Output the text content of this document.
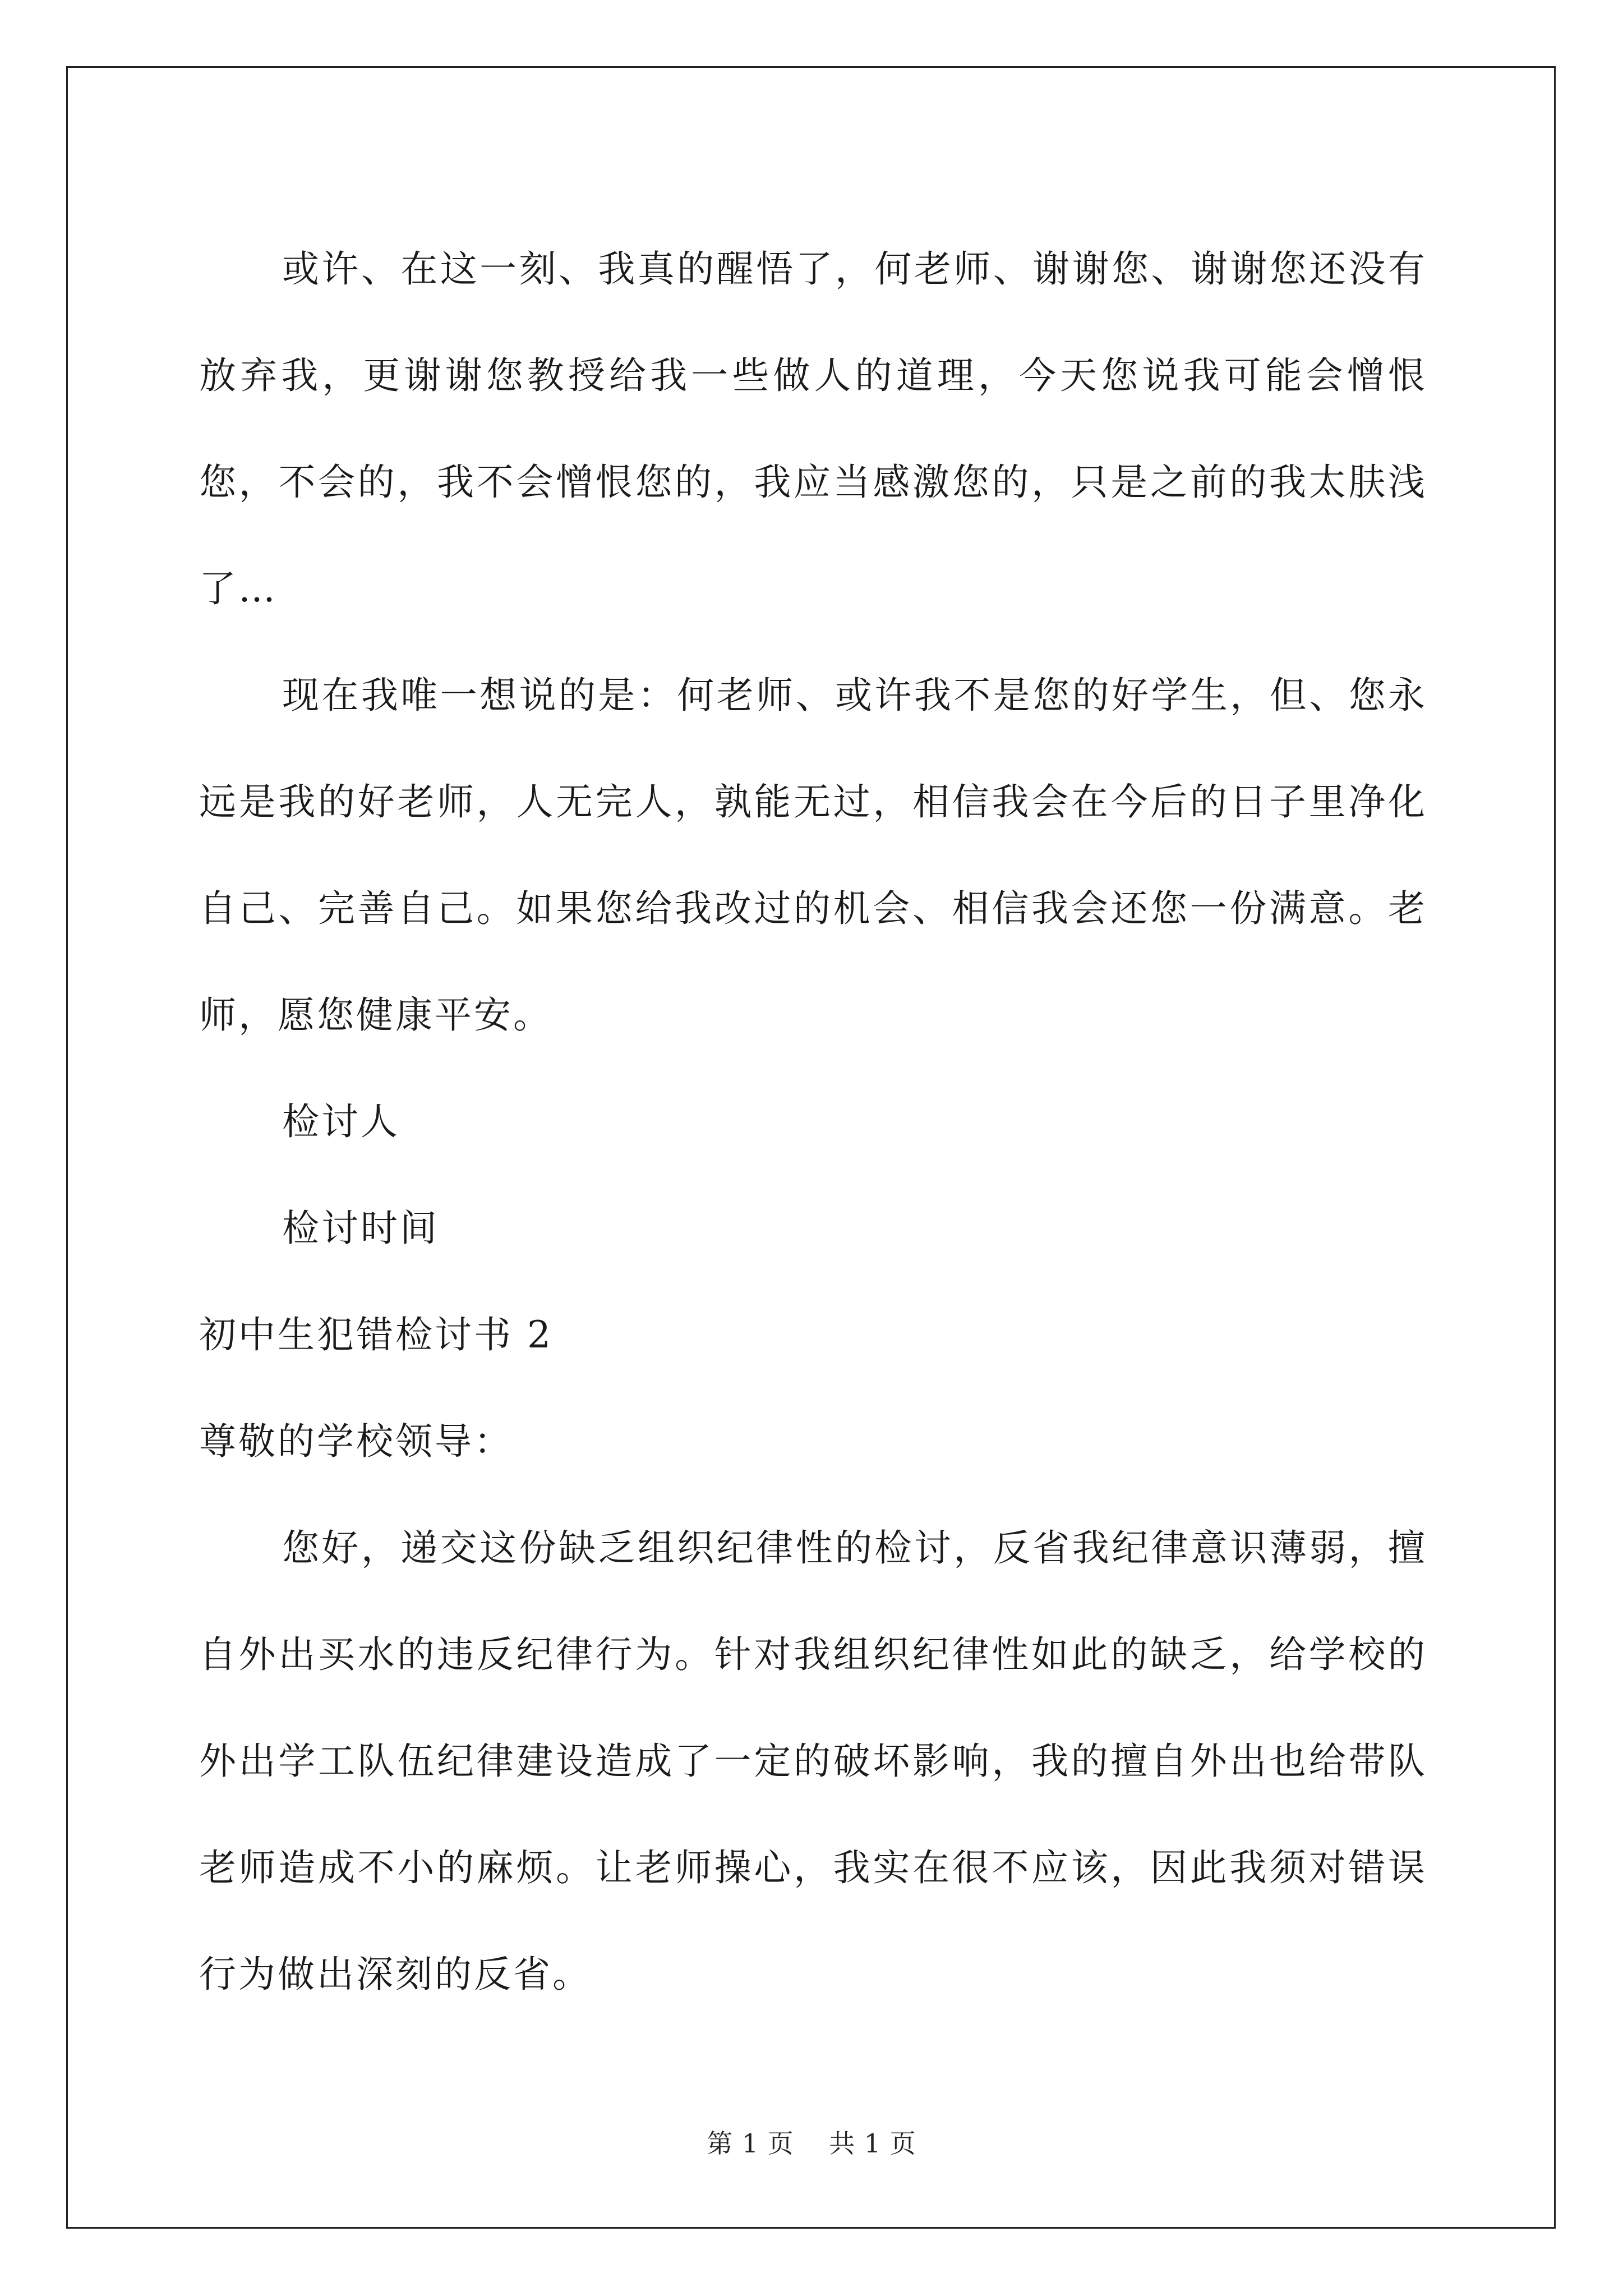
或许、在这一刻、我真的醒悟了，何老师、谢谢您、谢谢您还没有放弃我，更谢谢您教授给我一些做人的道理，今天您说我可能会憎恨您，不会的，我不会憎恨您的，我应当感激您的，只是之前的我太肤浅了…

现在我唯一想说的是：何老师、或许我不是您的好学生，但、您永远是我的好老师，人无完人，孰能无过，相信我会在今后的日子里净化自己、完善自己。如果您给我改过的机会、相信我会还您一份满意。老师，愿您健康平安。

检讨人

检讨时间

初中生犯错检讨书 2

尊敬的学校领导：

您好，递交这份缺乏组织纪律性的检讨，反省我纪律意识薄弱，擅自外出买水的违反纪律行为。针对我组织纪律性如此的缺乏，给学校的外出学工队伍纪律建设造成了一定的破坏影响，我的擅自外出也给带队老师造成不小的麻烦。让老师操心，我实在很不应该，因此我须对错误行为做出深刻的反省。

第 1 页 共 1 页
